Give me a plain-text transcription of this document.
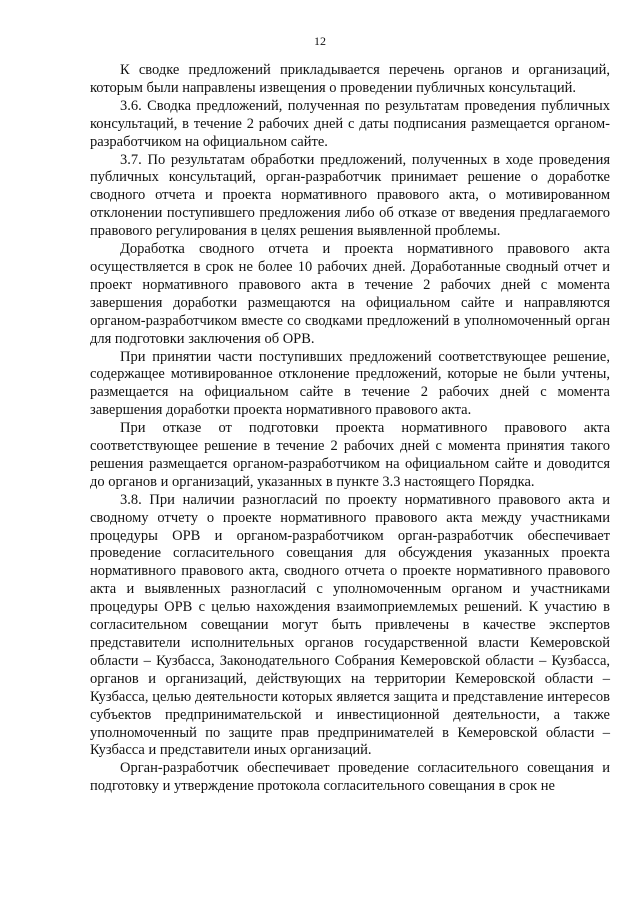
12

К сводке предложений прикладывается перечень органов и организаций, которым были направлены извещения о проведении публичных консультаций.

3.6. Сводка предложений, полученная по результатам проведения публичных консультаций, в течение 2 рабочих дней с даты подписания размещается органом-разработчиком на официальном сайте.

3.7. По результатам обработки предложений, полученных в ходе проведения публичных консультаций, орган-разработчик принимает решение о доработке сводного отчета и проекта нормативного правового акта, о мотивированном отклонении поступившего предложения либо об отказе от введения предлагаемого правового регулирования в целях решения выявленной проблемы.

Доработка сводного отчета и проекта нормативного правового акта осуществляется в срок не более 10 рабочих дней. Доработанные сводный отчет и проект нормативного правового акта в течение 2 рабочих дней с момента завершения доработки размещаются на официальном сайте и направляются органом-разработчиком вместе со сводками предложений в уполномоченный орган для подготовки заключения об ОРВ.

При принятии части поступивших предложений соответствующее решение, содержащее мотивированное отклонение предложений, которые не были учтены, размещается на официальном сайте в течение 2 рабочих дней с момента завершения доработки проекта нормативного правового акта.

При отказе от подготовки проекта нормативного правового акта соответствующее решение в течение 2 рабочих дней с момента принятия такого решения размещается органом-разработчиком на официальном сайте и доводится до органов и организаций, указанных в пункте 3.3 настоящего Порядка.

3.8. При наличии разногласий по проекту нормативного правового акта и сводному отчету о проекте нормативного правового акта между участниками процедуры ОРВ и органом-разработчиком орган-разработчик обеспечивает проведение согласительного совещания для обсуждения указанных проекта нормативного правового акта, сводного отчета о проекте нормативного правового акта и выявленных разногласий с уполномоченным органом и участниками процедуры ОРВ с целью нахождения взаимоприемлемых решений. К участию в согласительном совещании могут быть привлечены в качестве экспертов представители исполнительных органов государственной власти Кемеровской области – Кузбасса, Законодательного Собрания Кемеровской области – Кузбасса, органов и организаций, действующих на территории Кемеровской области – Кузбасса, целью деятельности которых является защита и представление интересов субъектов предпринимательской и инвестиционной деятельности, а также уполномоченный по защите прав предпринимателей в Кемеровской области – Кузбасса и представители иных организаций.

Орган-разработчик обеспечивает проведение согласительного совещания и подготовку и утверждение протокола согласительного совещания в срок не
